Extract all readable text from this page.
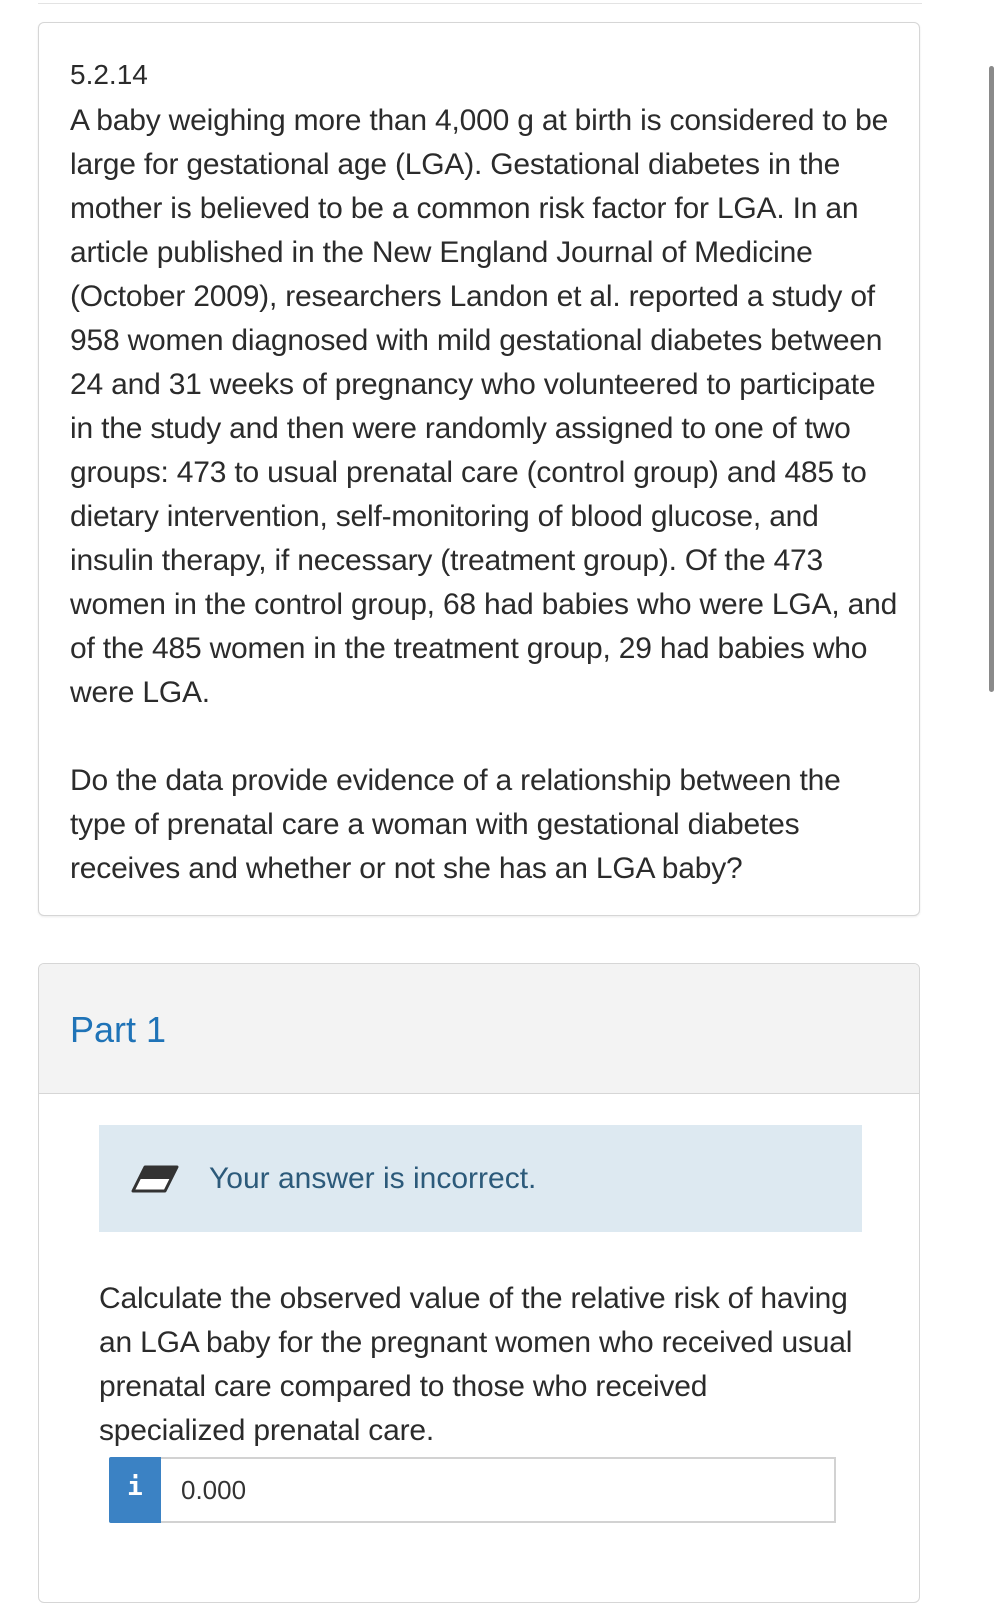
5.2.14

A baby weighing more than 4,000 g at birth is considered to be large for gestational age (LGA). Gestational diabetes in the mother is believed to be a common risk factor for LGA. In an article published in the New England Journal of Medicine (October 2009), researchers Landon et al. reported a study of 958 women diagnosed with mild gestational diabetes between 24 and 31 weeks of pregnancy who volunteered to participate in the study and then were randomly assigned to one of two groups: 473 to usual prenatal care (control group) and 485 to dietary intervention, self-monitoring of blood glucose, and insulin therapy, if necessary (treatment group). Of the 473 women in the control group, 68 had babies who were LGA, and of the 485 women in the treatment group, 29 had babies who were LGA.

Do the data provide evidence of a relationship between the type of prenatal care a woman with gestational diabetes receives and whether or not she has an LGA baby?

Part 1
Your answer is incorrect.

Calculate the observed value of the relative risk of having an LGA baby for the pregnant women who received usual prenatal care compared to those who received specialized prenatal care.

i
0.000
